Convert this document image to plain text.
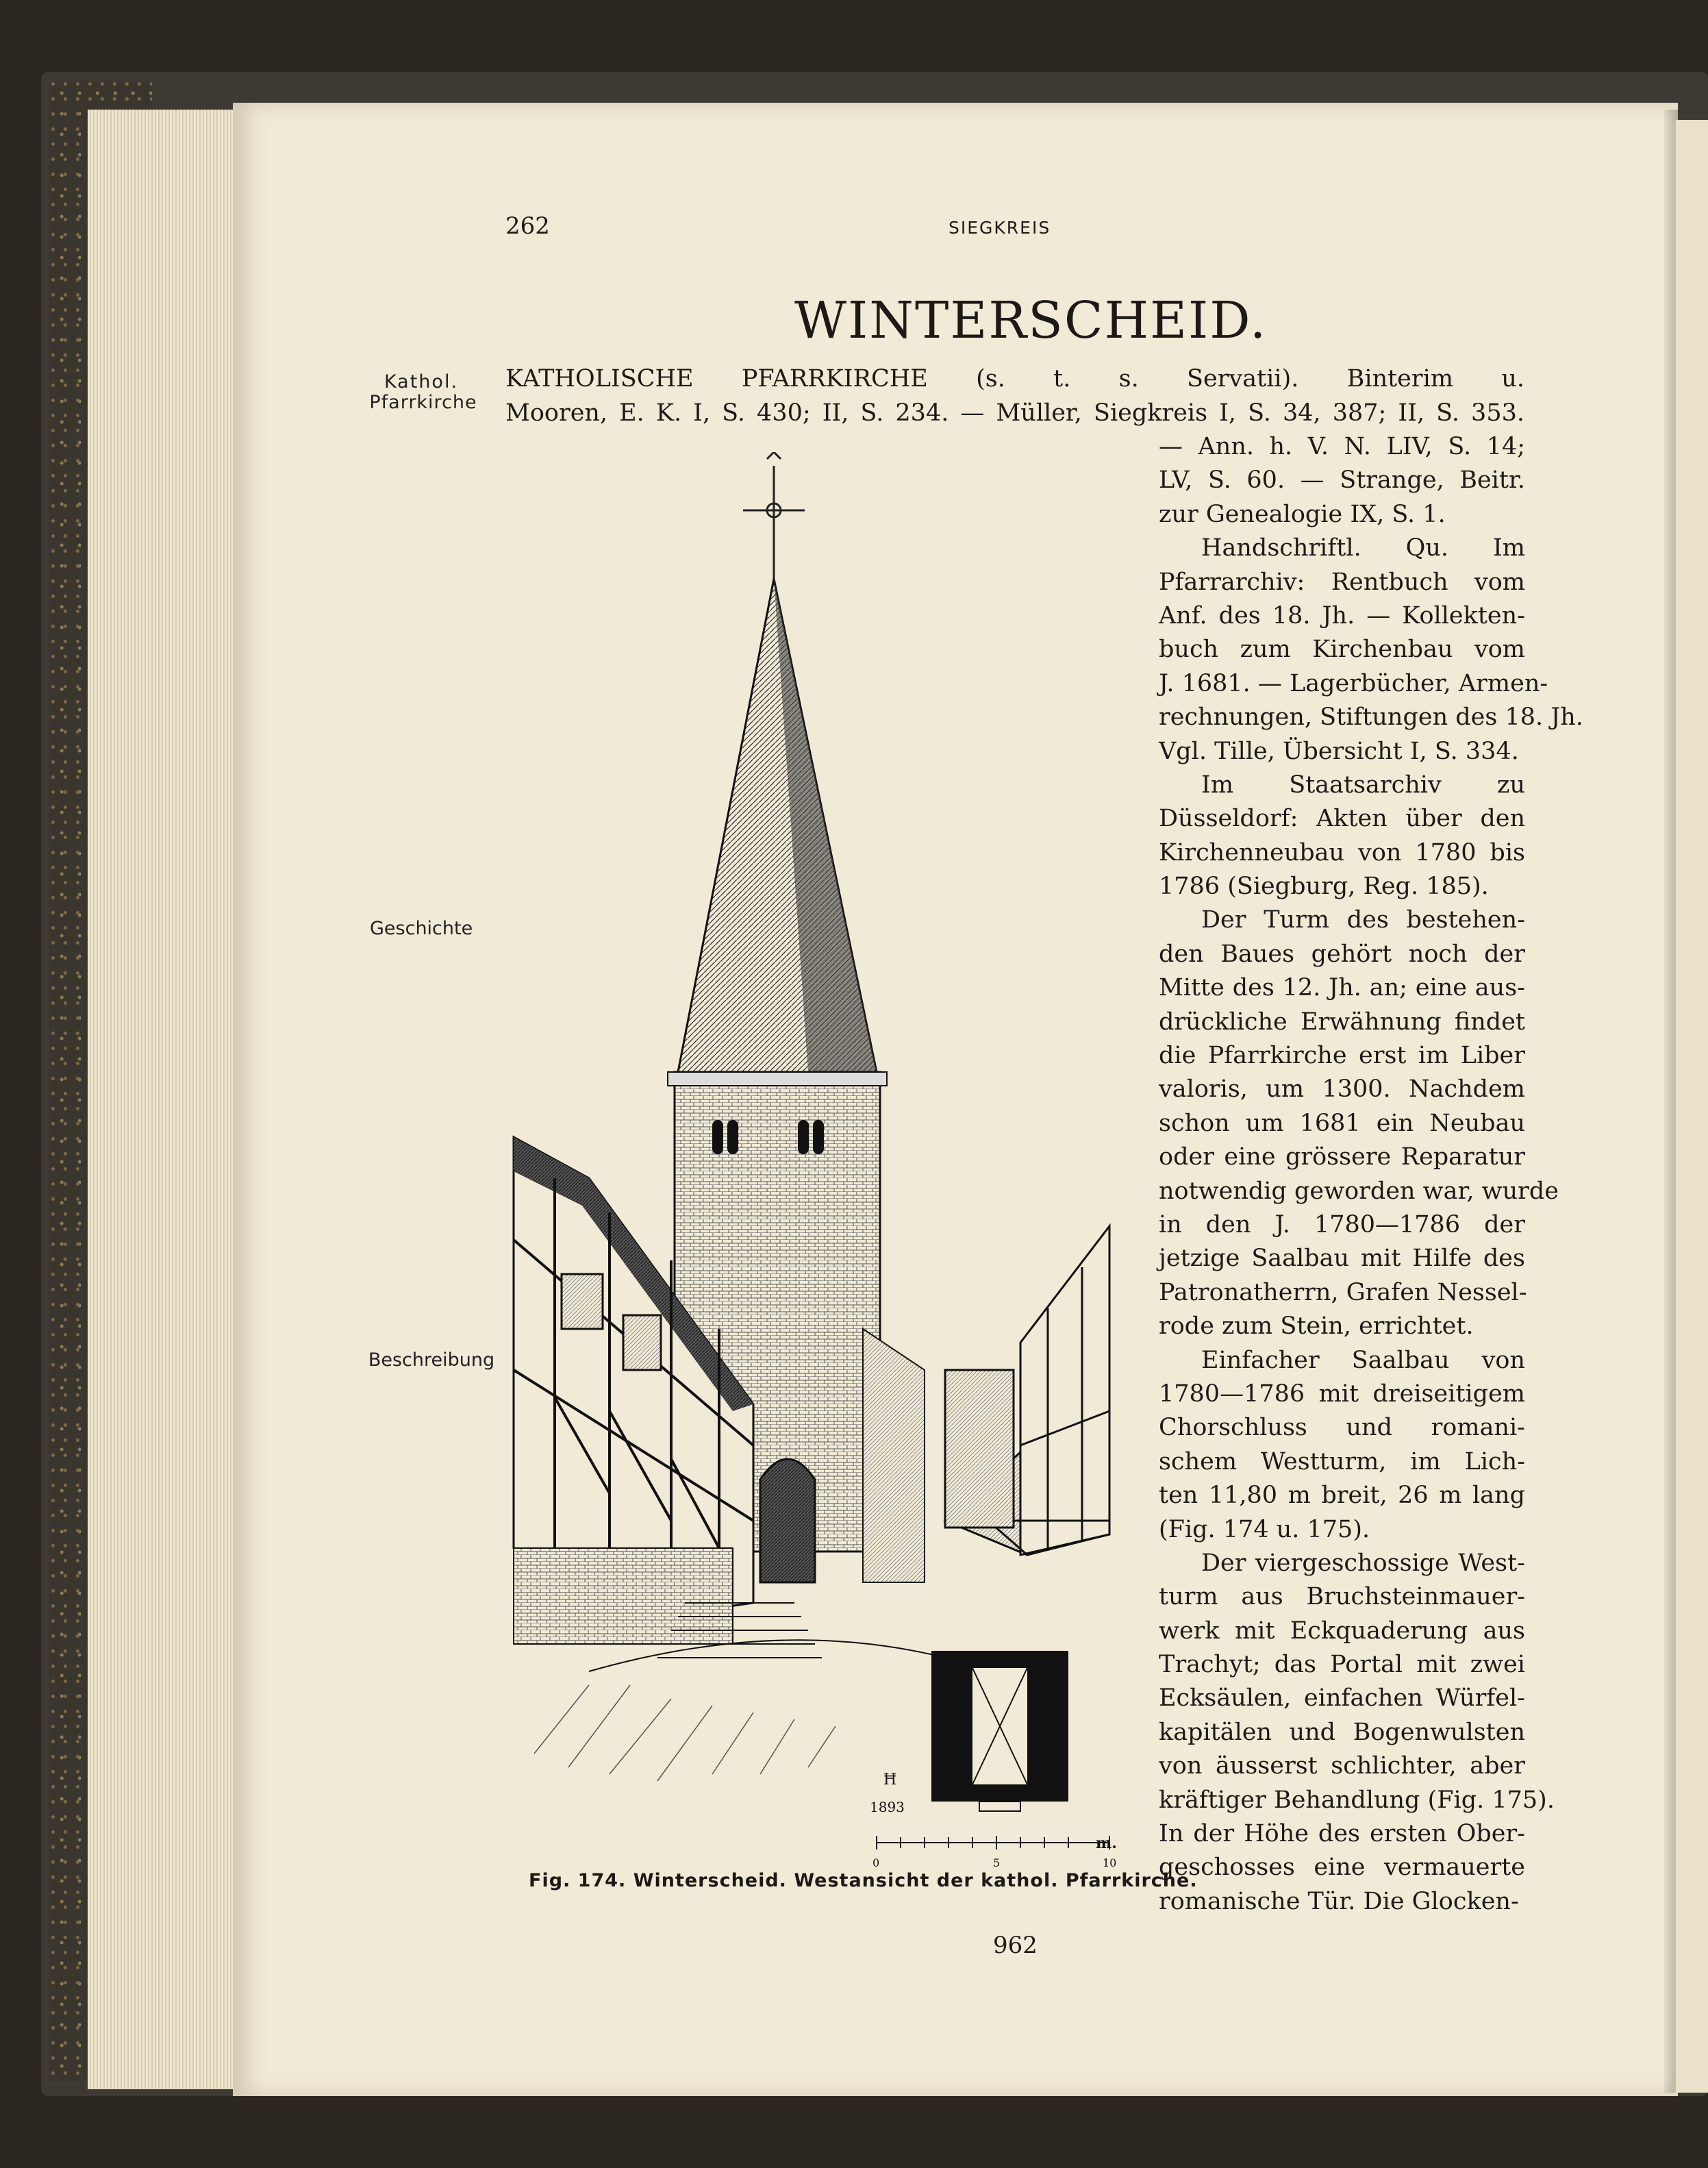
262	SIEGKREIS
WINTERSCHEID.
Kathol.
Pfarrkirche
Geschichte
Beschreibung
KATHOLISCHE PFARRKIRCHE (s. t. s. Servatii). Binterim u.
Mooren, E. K. I, S. 430; II, S. 234. — Müller, Siegkreis I, S. 34, 387; II, S. 353.
— Ann. h. V. N. LIV, S. 14;
LV, S. 60. — Strange, Beitr.
zur Genealogie IX, S. 1.
Handschriftl. Qu. Im
Pfarrarchiv: Rentbuch vom
Anf. des 18. Jh. — Kollekten-
buch zum Kirchenbau vom
J. 1681. — Lagerbücher, Armen-
rechnungen, Stiftungen des 18. Jh.
Vgl. Tille, Übersicht I, S. 334.
Im Staatsarchiv zu
Düsseldorf: Akten über den
Kirchenneubau von 1780 bis
1786 (Siegburg, Reg. 185).
Der Turm des bestehen-
den Baues gehört noch der
Mitte des 12. Jh. an; eine aus-
drückliche Erwähnung findet
die Pfarrkirche erst im Liber
valoris, um 1300. Nachdem
schon um 1681 ein Neubau
oder eine grössere Reparatur
notwendig geworden war, wurde
in den J. 1780—1786 der
jetzige Saalbau mit Hilfe des
Patronatherrn, Grafen Nessel-
rode zum Stein, errichtet.
Einfacher Saalbau von
1780—1786 mit dreiseitigem
Chorschluss und romani-
schem Westturm, im Lich-
ten 11,80 m breit, 26 m lang
(Fig. 174 u. 175).
Der viergeschossige West-
turm aus Bruchsteinmauer-
werk mit Eckquaderung aus
Trachyt; das Portal mit zwei
Ecksäulen, einfachen Würfel-
kapitälen und Bogenwulsten
von äusserst schlichter, aber
kräftiger Behandlung (Fig. 175).
In der Höhe des ersten Ober-
geschosses eine vermauerte
romanische Tür. Die Glocken-
Ħ
1893
0	5	10
m.
Fig. 174. Winterscheid. Westansicht der kathol. Pfarrkirche.
962
